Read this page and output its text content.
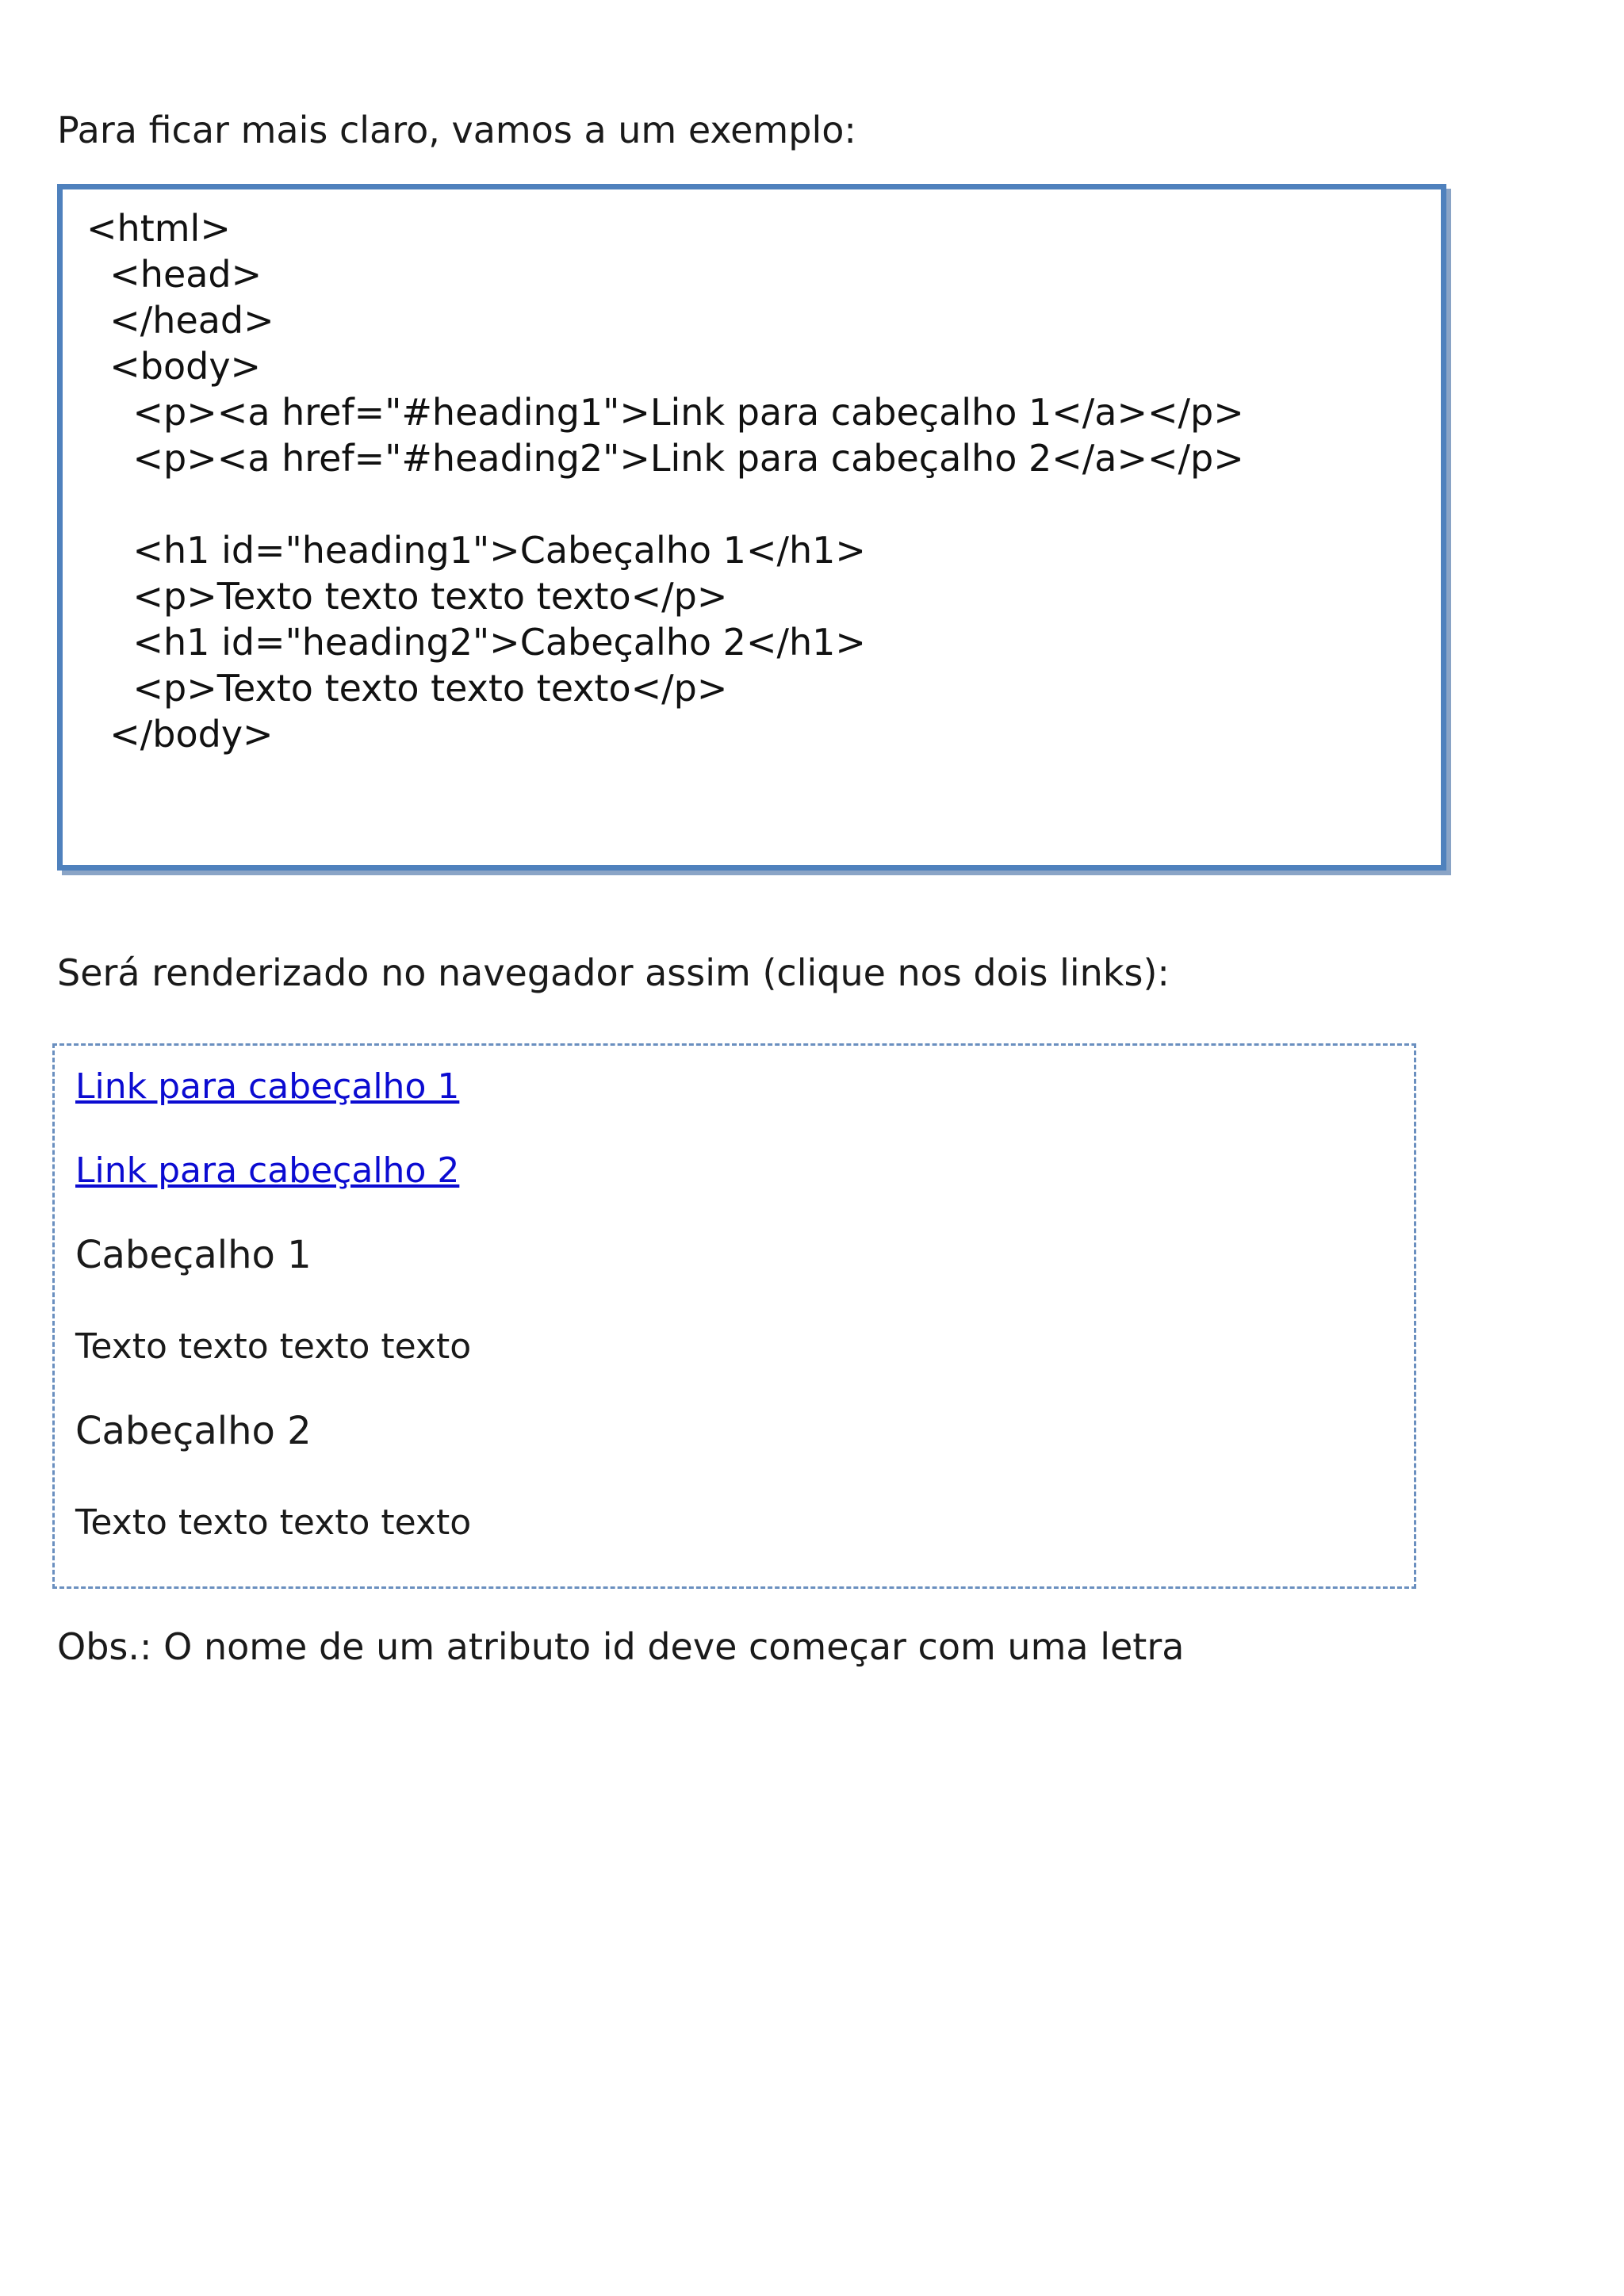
Para ficar mais claro, vamos a um exemplo:
<html>
<head>
</head>
<body>
<p><a href="#heading1">Link para cabeçalho 1</a></p>
<p><a href="#heading2">Link para cabeçalho 2</a></p>
<h1 id="heading1">Cabeçalho 1</h1>
<p>Texto texto texto texto</p>
<h1 id="heading2">Cabeçalho 2</h1>
<p>Texto texto texto texto</p>
</body>
Será renderizado no navegador assim (clique nos dois links):
Link para cabeçalho 1
Link para cabeçalho 2
Cabeçalho 1
Texto texto texto texto
Cabeçalho 2
Texto texto texto texto
Obs.: O nome de um atributo id deve começar com uma letra
